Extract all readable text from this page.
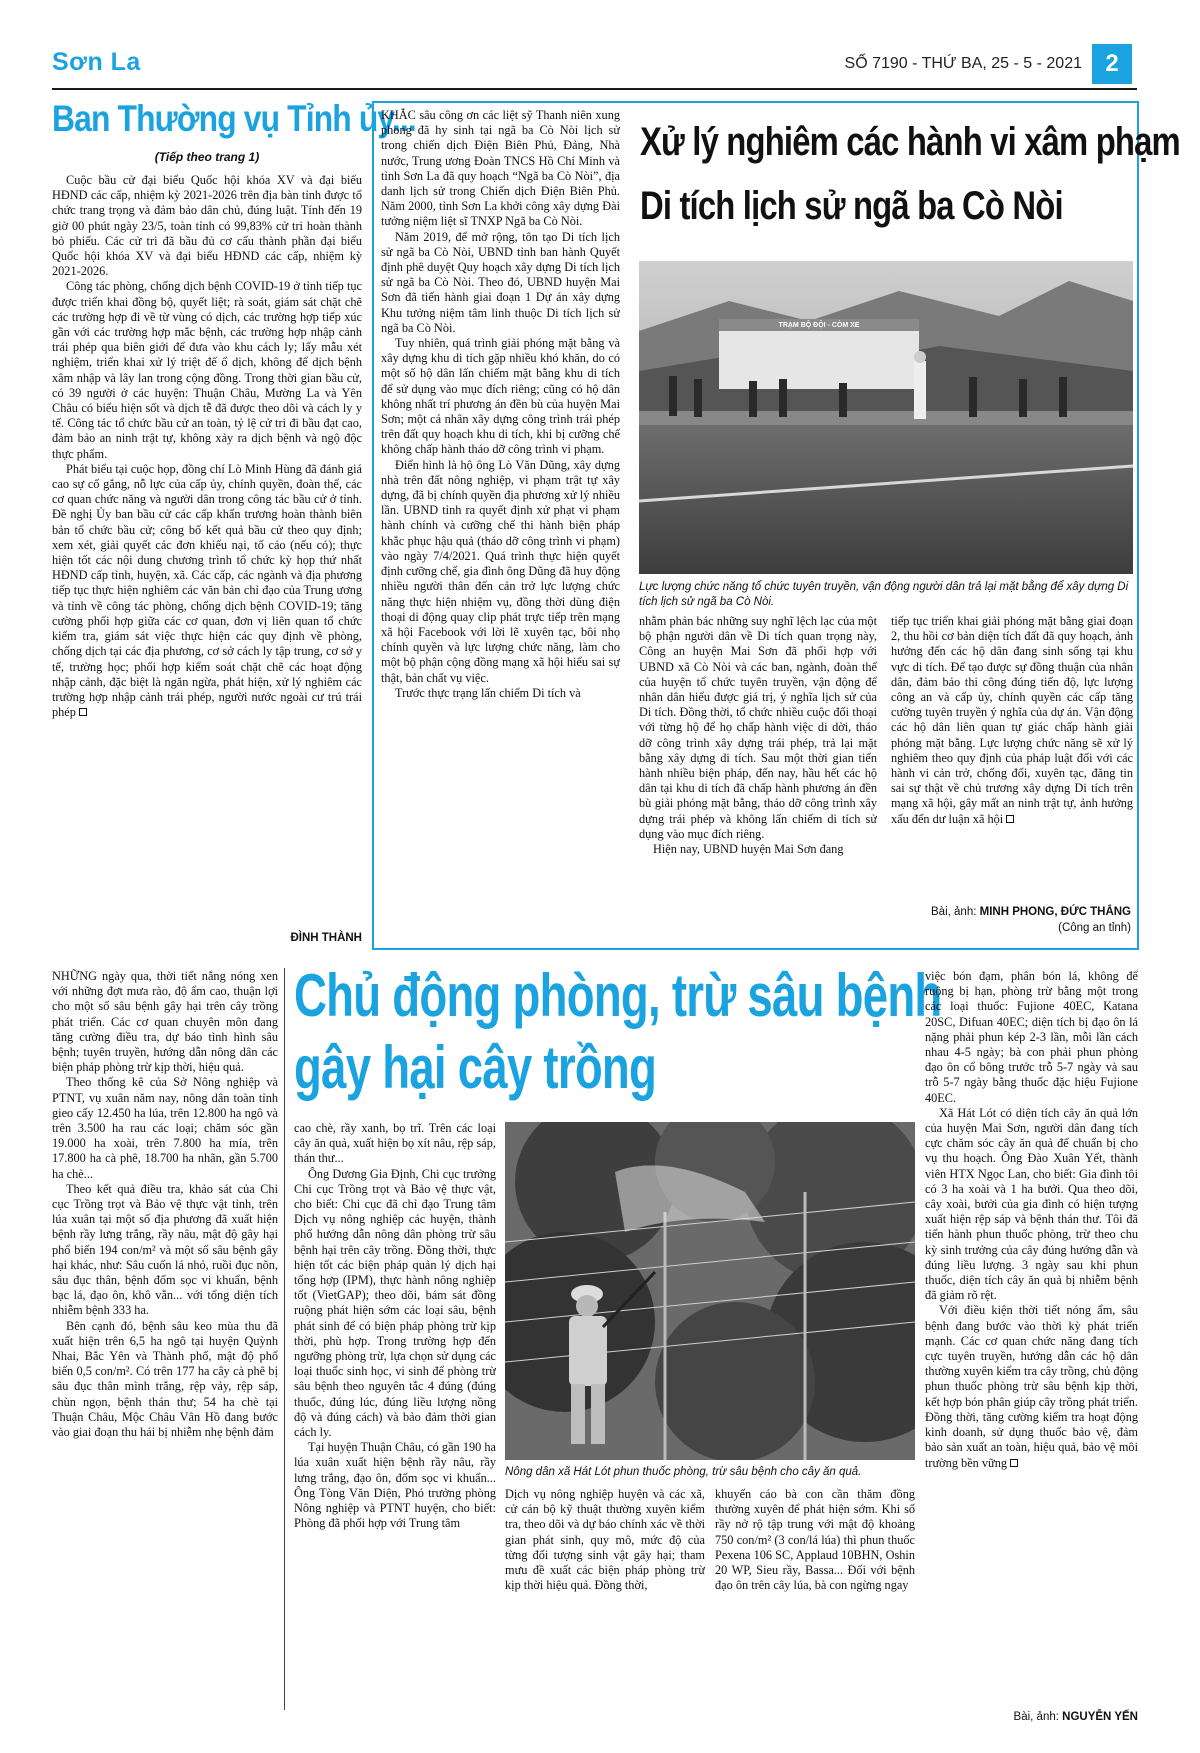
Sơn La	SỐ 7190 - THỨ BA, 25 - 5 - 2021 2
Ban Thường vụ Tỉnh ủy...
(Tiếp theo trang 1)

Cuộc bầu cử đại biểu Quốc hội khóa XV và đại biểu HĐND các cấp, nhiệm kỳ 2021-2026 trên địa bàn tỉnh được tổ chức trang trọng và đảm bảo dân chủ, đúng luật. Tính đến 19 giờ 00 phút ngày 23/5, toàn tỉnh có 99,83% cử tri hoàn thành bỏ phiếu. Các cử tri đã bầu đủ cơ cấu thành phần đại biểu Quốc hội khóa XV và đại biểu HĐND các cấp, nhiệm kỳ 2021-2026.

Công tác phòng, chống dịch bệnh COVID-19 ở tỉnh tiếp tục được triển khai đồng bộ, quyết liệt; rà soát, giám sát chặt chẽ các trường hợp đi về từ vùng có dịch, các trường hợp tiếp xúc gần với các trường hợp mắc bệnh, các trường hợp nhập cảnh trái phép qua biên giới để đưa vào khu cách ly; lấy mẫu xét nghiệm, triển khai xử lý triệt để ổ dịch, không để dịch bệnh xâm nhập và lây lan trong cộng đồng. Trong thời gian bầu cử, có 39 người ở các huyện: Thuận Châu, Mường La và Yên Châu có biểu hiện sốt và dịch tễ đã được theo dõi và cách ly y tế. Công tác tổ chức bầu cử an toàn, tỷ lệ cử tri đi bầu đạt cao, đảm bảo an ninh trật tự, không xảy ra dịch bệnh và ngộ độc thực phẩm.

Phát biểu tại cuộc họp, đồng chí Lò Minh Hùng đã đánh giá cao sự cố gắng, nỗ lực của cấp ủy, chính quyền, đoàn thể, các cơ quan chức năng và người dân trong công tác bầu cử ở tỉnh. Đề nghị Ủy ban bầu cử các cấp khẩn trương hoàn thành biên bản tổ chức bầu cử; công bố kết quả bầu cử theo quy định; xem xét, giải quyết các đơn khiếu nại, tố cáo (nếu có); thực hiện tốt các nội dung chương trình tổ chức kỳ họp thứ nhất HĐND cấp tỉnh, huyện, xã. Các cấp, các ngành và địa phương tiếp tục thực hiện nghiêm các văn bản chỉ đạo của Trung ương và tỉnh về công tác phòng, chống dịch bệnh COVID-19; tăng cường phối hợp giữa các cơ quan, đơn vị liên quan tổ chức kiểm tra, giám sát việc thực hiện các quy định về phòng, chống dịch tại các địa phương, cơ sở cách ly tập trung, cơ sở y tế, trường học; phối hợp kiểm soát chặt chẽ các hoạt động nhập cảnh, đặc biệt là ngăn ngừa, phát hiện, xử lý nghiêm các trường hợp nhập cảnh trái phép, người nước ngoài cư trú trái phép

ĐÌNH THÀNH

KHẮC sâu công ơn các liệt sỹ Thanh niên xung phong đã hy sinh tại ngã ba Cò Nòi lịch sử trong chiến dịch Điện Biên Phủ, Đảng, Nhà nước, Trung ương Đoàn TNCS Hồ Chí Minh và tỉnh Sơn La đã quy hoạch “Ngã ba Cò Nòi”, địa danh lịch sử trong Chiến dịch Điện Biên Phủ. Năm 2000, tỉnh Sơn La khởi công xây dựng Đài tưởng niệm liệt sĩ TNXP Ngã ba Cò Nòi.

Năm 2019, để mở rộng, tôn tạo Di tích lịch sử ngã ba Cò Nòi, UBND tỉnh ban hành Quyết định phê duyệt Quy hoạch xây dựng Di tích lịch sử ngã ba Cò Nòi. Theo đó, UBND huyện Mai Sơn đã tiến hành giai đoạn 1 Dự án xây dựng Khu tưởng niệm tâm linh thuộc Di tích lịch sử ngã ba Cò Nòi.

Tuy nhiên, quá trình giải phóng mặt bằng và xây dựng khu di tích gặp nhiều khó khăn, do có một số hộ dân lấn chiếm mặt bằng khu di tích để sử dụng vào mục đích riêng; cũng có hộ dân không nhất trí phương án đền bù của huyện Mai Sơn; một cá nhân xây dựng công trình trái phép trên đất quy hoạch khu di tích, khi bị cưỡng chế không chấp hành tháo dỡ công trình vi phạm.

Điển hình là hộ ông Lò Văn Dũng, xây dựng nhà trên đất nông nghiệp, vi phạm trật tự xây dựng, đã bị chính quyền địa phương xử lý nhiều lần. UBND tỉnh ra quyết định xử phạt vi phạm hành chính và cưỡng chế thi hành biện pháp khắc phục hậu quả (tháo dỡ công trình vi phạm) vào ngày 7/4/2021. Quá trình thực hiện quyết định cưỡng chế, gia đình ông Dũng đã huy động nhiều người thân đến cản trở lực lượng chức năng thực hiện nhiệm vụ, đồng thời dùng điện thoại di động quay clip phát trực tiếp trên mạng xã hội Facebook với lời lẽ xuyên tạc, bôi nhọ chính quyền và lực lượng chức năng, làm cho một bộ phận cộng đồng mạng xã hội hiểu sai sự thật, bản chất vụ việc.

Trước thực trạng lấn chiếm Di tích và

Xử lý nghiêm các hành vi xâm phạm
Di tích lịch sử ngã ba Cò Nòi
TRẠM BỘ ĐỘI - CÒM XE
Lực lượng chức năng tổ chức tuyên truyền, vận động người dân trả lại mặt bằng để xây dựng Di tích lịch sử ngã ba Cò Nòi.

nhằm phản bác những suy nghĩ lệch lạc của một bộ phận người dân về Di tích quan trọng này, Công an huyện Mai Sơn đã phối hợp với UBND xã Cò Nòi và các ban, ngành, đoàn thể của huyện tổ chức tuyên truyền, vận động để nhân dân hiểu được giá trị, ý nghĩa lịch sử của Di tích. Đồng thời, tổ chức nhiều cuộc đối thoại với từng hộ để họ chấp hành việc di dời, tháo dỡ công trình xây dựng trái phép, trả lại mặt bằng xây dựng di tích. Sau một thời gian tiến hành nhiều biện pháp, đến nay, hầu hết các hộ dân tại khu di tích đã chấp hành phương án đền bù giải phóng mặt bằng, tháo dỡ công trình xây dựng trái phép và không lấn chiếm di tích sử dụng vào mục đích riêng.

Hiện nay, UBND huyện Mai Sơn đang

tiếp tục triển khai giải phóng mặt bằng giai đoạn 2, thu hồi cơ bản diện tích đất đã quy hoạch, ảnh hưởng đến các hộ dân đang sinh sống tại khu vực di tích. Để tạo được sự đồng thuận của nhân dân, đảm bảo thi công đúng tiến độ, lực lượng công an và cấp ủy, chính quyền các cấp tăng cường tuyên truyền ý nghĩa của dự án. Vận động các hộ dân liên quan tự giác chấp hành giải phóng mặt bằng. Lực lượng chức năng sẽ xử lý nghiêm theo quy định của pháp luật đối với các hành vi cản trở, chống đối, xuyên tạc, đăng tin sai sự thật về chủ trương xây dựng Di tích trên mạng xã hội, gây mất an ninh trật tự, ảnh hưởng xấu đến dư luận xã hội

Bài, ảnh: MINH PHONG, ĐỨC THẮNG
(Công an tỉnh)

NHỮNG ngày qua, thời tiết nắng nóng xen với những đợt mưa rào, độ ẩm cao, thuận lợi cho một số sâu bệnh gây hại trên cây trồng phát triển. Các cơ quan chuyên môn đang tăng cường điều tra, dự báo tình hình sâu bệnh; tuyên truyền, hướng dẫn nông dân các biện pháp phòng trừ kịp thời, hiệu quả.

Theo thống kê của Sở Nông nghiệp và PTNT, vụ xuân năm nay, nông dân toàn tỉnh gieo cấy 12.450 ha lúa, trên 12.800 ha ngô và trên 3.500 ha rau các loại; chăm sóc gần 19.000 ha xoài, trên 7.800 ha mía, trên 17.800 ha cà phê, 18.700 ha nhãn, gần 5.700 ha chè...

Theo kết quả điều tra, khảo sát của Chi cục Trồng trọt và Bảo vệ thực vật tỉnh, trên lúa xuân tại một số địa phương đã xuất hiện bệnh rầy lưng trắng, rầy nâu, mật độ gây hại phổ biến 194 con/m² và một số sâu bệnh gây hại khác, như: Sâu cuốn lá nhỏ, ruồi đục nõn, sâu đục thân, bệnh đốm sọc vi khuẩn, bệnh bạc lá, đạo ôn, khô vằn... với tổng diện tích nhiễm bệnh 333 ha.

Bên cạnh đó, bệnh sâu keo mùa thu đã xuất hiện trên 6,5 ha ngô tại huyện Quỳnh Nhai, Bắc Yên và Thành phố, mật độ phổ biến 0,5 con/m². Có trên 177 ha cây cà phê bị sâu đục thân mình trắng, rệp vảy, rệp sáp, chùn ngọn, bệnh thán thư; 54 ha chè tại Thuận Châu, Mộc Châu Vân Hồ đang bước vào giai đoạn thu hái bị nhiễm nhẹ bệnh đảm

Chủ động phòng, trừ sâu bệnh
gây hại cây trồng

cao chè, rầy xanh, bọ trĩ. Trên các loại cây ăn quả, xuất hiện bọ xít nâu, rệp sáp, thán thư...

Ông Dương Gia Định, Chi cục trưởng Chi cục Trồng trọt và Bảo vệ thực vật, cho biết: Chi cục đã chỉ đạo Trung tâm Dịch vụ nông nghiệp các huyện, thành phố hướng dẫn nông dân phòng trừ sâu bệnh hại trên cây trồng. Đồng thời, thực hiện tốt các biện pháp quản lý dịch hại tổng hợp (IPM), thực hành nông nghiệp tốt (VietGAP); theo dõi, bám sát đồng ruộng phát hiện sớm các loại sâu, bệnh phát sinh để có biện pháp phòng trừ kịp thời, phù hợp. Trong trường hợp đến ngưỡng phòng trừ, lựa chọn sử dụng các loại thuốc sinh học, vi sinh để phòng trừ sâu bệnh theo nguyên tắc 4 đúng (đúng thuốc, đúng lúc, đúng liều lượng nồng độ và đúng cách) và bảo đảm thời gian cách ly.

Tại huyện Thuận Châu, có gần 190 ha lúa xuân xuất hiện bệnh rầy nâu, rầy lưng trắng, đạo ôn, đốm sọc vi khuẩn... Ông Tòng Văn Diện, Phó trưởng phòng Nông nghiệp và PTNT huyện, cho biết: Phòng đã phối hợp với Trung tâm

Nông dân xã Hát Lót phun thuốc phòng, trừ sâu bệnh cho cây ăn quả.

Dịch vụ nông nghiệp huyện và các xã, cử cán bộ kỹ thuật thường xuyên kiểm tra, theo dõi và dự báo chính xác về thời gian phát sinh, quy mô, mức độ của từng đối tượng sinh vật gây hại; tham mưu đề xuất các biện pháp phòng trừ kịp thời hiệu quả. Đồng thời,

khuyến cáo bà con cần thăm đồng thường xuyên để phát hiện sớm. Khi số rầy nở rộ tập trung với mật độ khoảng 750 con/m² (3 con/lá lúa) thì phun thuốc Pexena 106 SC, Applaud 10BHN, Oshin 20 WP, Sieu rầy, Bassa... Đối với bệnh đạo ôn trên cây lúa, bà con ngừng ngay

việc bón đạm, phân bón lá, không để ruộng bị hạn, phòng trừ bằng một trong các loại thuốc: Fujione 40EC, Katana 20SC, Difuan 40EC; diện tích bị đạo ôn lá nặng phải phun kép 2-3 lần, mỗi lần cách nhau 4-5 ngày; bà con phải phun phòng đạo ôn cổ bông trước trỗ 5-7 ngày và sau trỗ 5-7 ngày bằng thuốc đặc hiệu Fujione 40EC.

Xã Hát Lót có diện tích cây ăn quả lớn của huyện Mai Sơn, người dân đang tích cực chăm sóc cây ăn quả để chuẩn bị cho vụ thu hoạch. Ông Đào Xuân Yết, thành viên HTX Ngọc Lan, cho biết: Gia đình tôi có 3 ha xoài và 1 ha bưởi. Qua theo dõi, cây xoài, bưởi của gia đình có hiện tượng xuất hiện rệp sáp và bệnh thán thư. Tôi đã tiến hành phun thuốc phòng, trừ theo chu kỳ sinh trưởng của cây đúng hướng dẫn và đúng liều lượng. 3 ngày sau khi phun thuốc, diện tích cây ăn quả bị nhiễm bệnh đã giảm rõ rệt.

Với điều kiện thời tiết nóng ẩm, sâu bệnh đang bước vào thời kỳ phát triển mạnh. Các cơ quan chức năng đang tích cực tuyên truyền, hướng dẫn các hộ dân thường xuyên kiểm tra cây trồng, chủ động phun thuốc phòng trừ sâu bệnh kịp thời, kết hợp bón phân giúp cây trồng phát triển. Đồng thời, tăng cường kiểm tra hoạt động kinh doanh, sử dụng thuốc bảo vệ, đảm bảo sản xuất an toàn, hiệu quả, bảo vệ môi trường bền vững

Bài, ảnh: NGUYỄN YẾN
